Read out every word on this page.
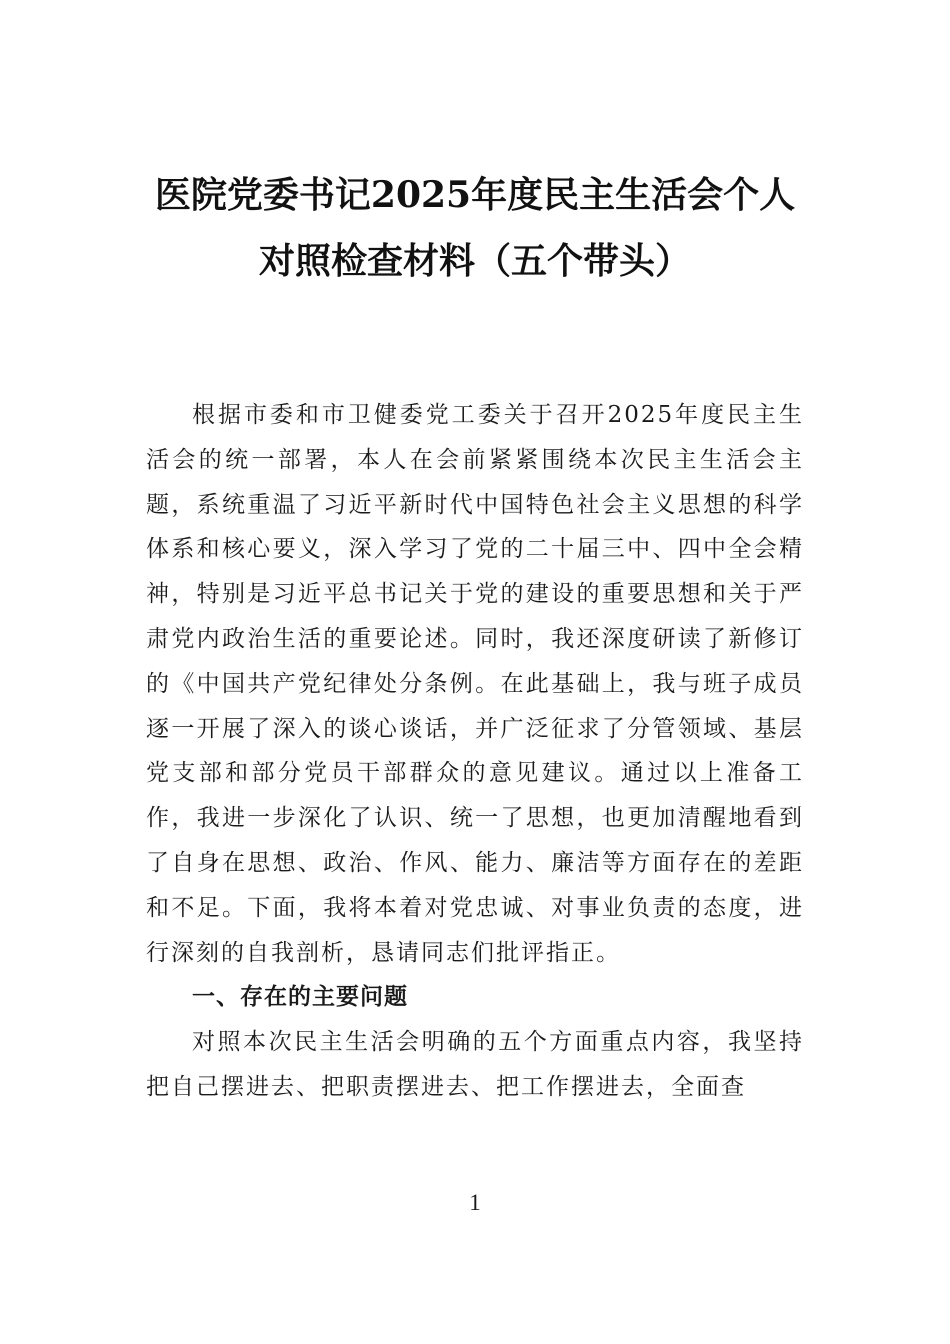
医院党委书记2025年度民主生活会个人对照检查材料（五个带头）

根据市委和市卫健委党工委关于召开2025年度民主生活会的统一部署，本人在会前紧紧围绕本次民主生活会主题，系统重温了习近平新时代中国特色社会主义思想的科学体系和核心要义，深入学习了党的二十届三中、四中全会精神，特别是习近平总书记关于党的建设的重要思想和关于严肃党内政治生活的重要论述。同时，我还深度研读了新修订的《中国共产党纪律处分条例。在此基础上，我与班子成员逐一开展了深入的谈心谈话，并广泛征求了分管领域、基层党支部和部分党员干部群众的意见建议。通过以上准备工作，我进一步深化了认识、统一了思想，也更加清醒地看到了自身在思想、政治、作风、能力、廉洁等方面存在的差距和不足。下面，我将本着对党忠诚、对事业负责的态度，进行深刻的自我剖析，恳请同志们批评指正。

一、存在的主要问题

对照本次民主生活会明确的五个方面重点内容，我坚持把自己摆进去、把职责摆进去、把工作摆进去，全面查

1
